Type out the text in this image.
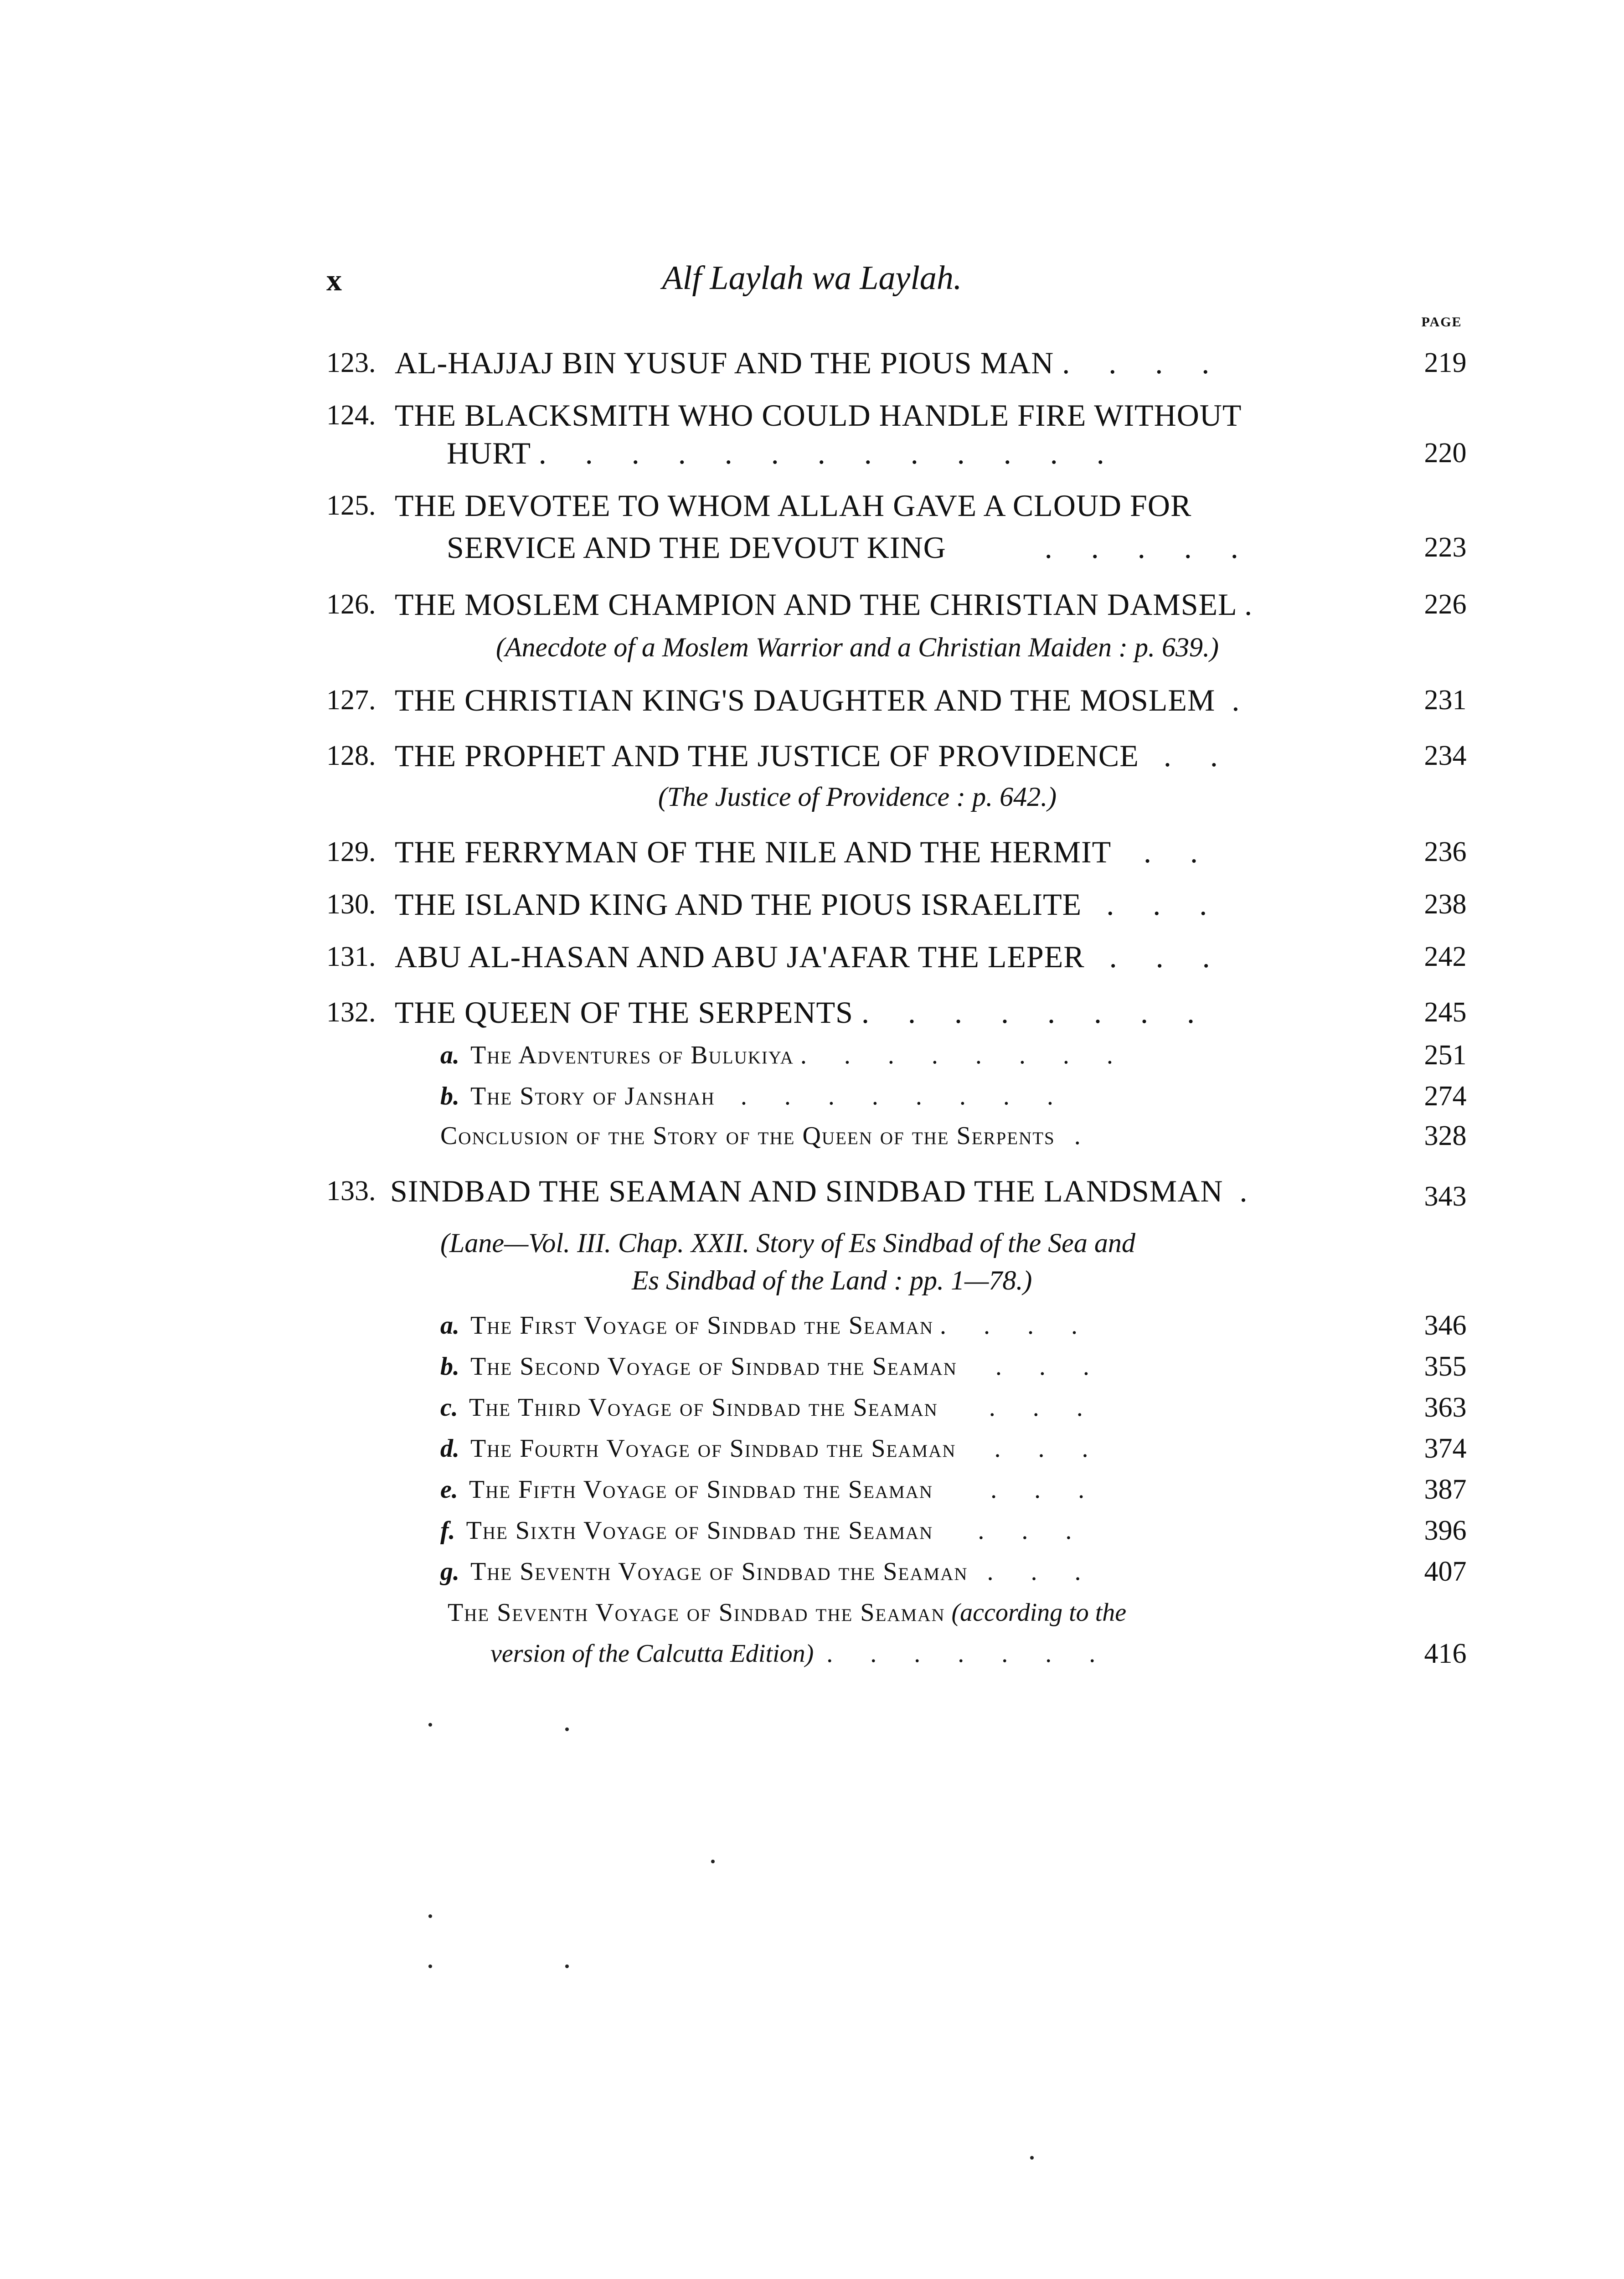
x	Alf Laylah wa Laylah.
PAGE
123. AL-HAJJAJ BIN YUSUF AND THE PIOUS MAN . . . .	219
124. THE BLACKSMITH WHO COULD HANDLE FIRE WITHOUT
HURT . . . . . . . . . . . . .	220
125. THE DEVOTEE TO WHOM ALLAH GAVE A CLOUD FOR
SERVICE AND THE DEVOUT KING	. . . . .	223
126. THE MOSLEM CHAMPION AND THE CHRISTIAN DAMSEL .	226
(Anecdote of a Moslem Warrior and a Christian Maiden : p. 639.)
127. THE CHRISTIAN KING'S DAUGHTER AND THE MOSLEM .	231
128. THE PROPHET AND THE JUSTICE OF PROVIDENCE . .	234
(The Justice of Providence : p. 642.)
129. THE FERRYMAN OF THE NILE AND THE HERMIT . .	236
130. THE ISLAND KING AND THE PIOUS ISRAELITE . . .	238
131. ABU AL-HASAN AND ABU JA'AFAR THE LEPER . . .	242
132. THE QUEEN OF THE SERPENTS . . . . . . . .	245
a. The Adventures of Bulukiya . . . . . . . .	251
b. The Story of Janshah . . . . . . . .	274
Conclusion of the Story of the Queen of the Serpents .	328
133. SINDBAD THE SEAMAN AND SINDBAD THE LANDSMAN .	343
(Lane—Vol. III. Chap. XXII. Story of Es Sindbad of the Sea and
Es Sindbad of the Land : pp. 1—78.)
a. The First Voyage of Sindbad the Seaman . . . .	346
b. The Second Voyage of Sindbad the Seaman . . .	355
c. The Third Voyage of Sindbad the Seaman . . .	363
d. The Fourth Voyage of Sindbad the Seaman . . .	374
e. The Fifth Voyage of Sindbad the Seaman . . .	387
f. The Sixth Voyage of Sindbad the Seaman . . .	396
g. The Seventh Voyage of Sindbad the Seaman . . .	407
The Seventh Voyage of Sindbad the Seaman (according to the
version of the Calcutta Edition) . . . . . . .	416
